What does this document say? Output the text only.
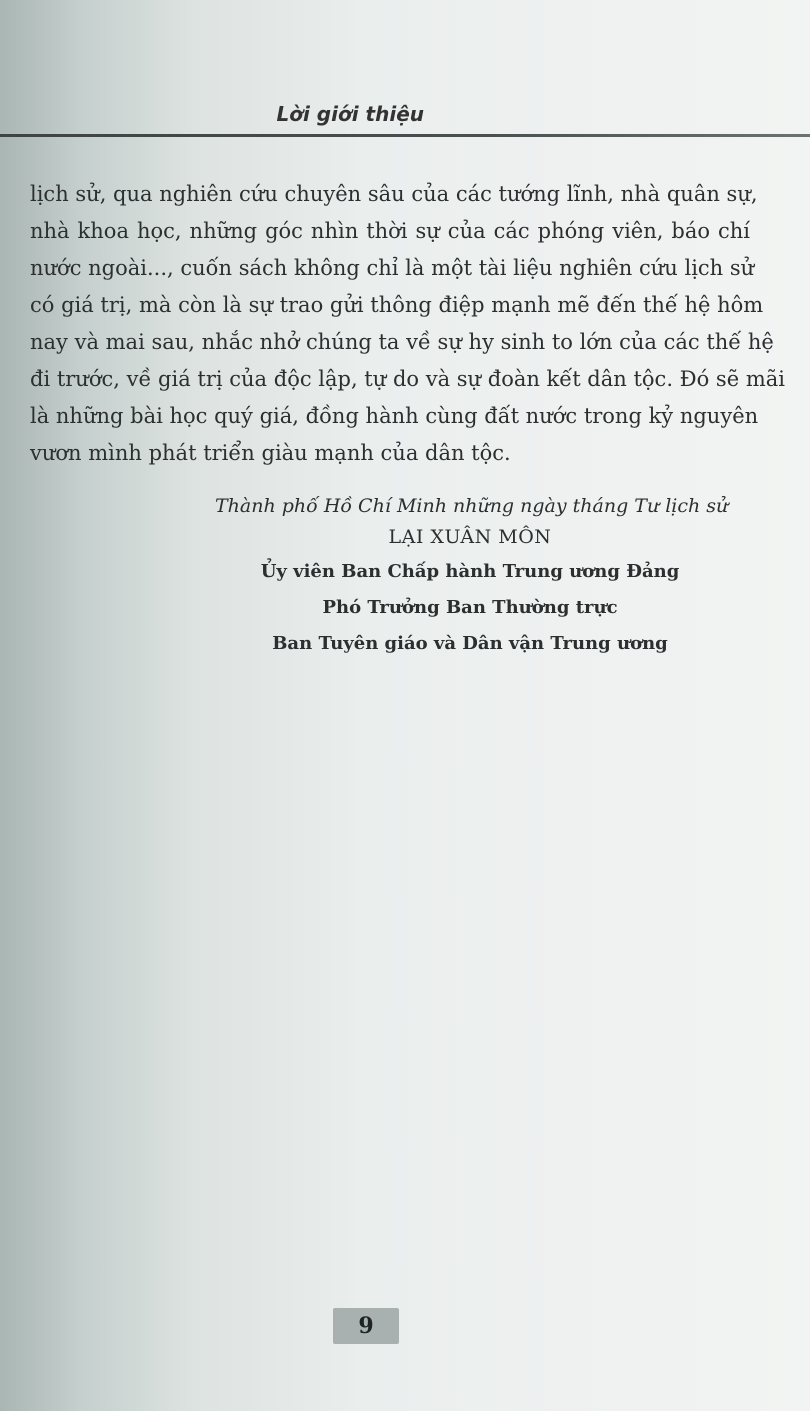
Lời giới thiệu
lịch sử, qua nghiên cứu chuyên sâu của các tướng lĩnh, nhà quân sự,
nhà khoa học, những góc nhìn thời sự của các phóng viên, báo chí
nước ngoài..., cuốn sách không chỉ là một tài liệu nghiên cứu lịch sử
có giá trị, mà còn là sự trao gửi thông điệp mạnh mẽ đến thế hệ hôm
nay và mai sau, nhắc nhở chúng ta về sự hy sinh to lớn của các thế hệ
đi trước, về giá trị của độc lập, tự do và sự đoàn kết dân tộc. Đó sẽ mãi
là những bài học quý giá, đồng hành cùng đất nước trong kỷ nguyên
vươn mình phát triển giàu mạnh của dân tộc.
Thành phố Hồ Chí Minh những ngày tháng Tư lịch sử
LẠI XUÂN MÔN
Ủy viên Ban Chấp hành Trung ương Đảng
Phó Trưởng Ban Thường trực
Ban Tuyên giáo và Dân vận Trung ương
9
